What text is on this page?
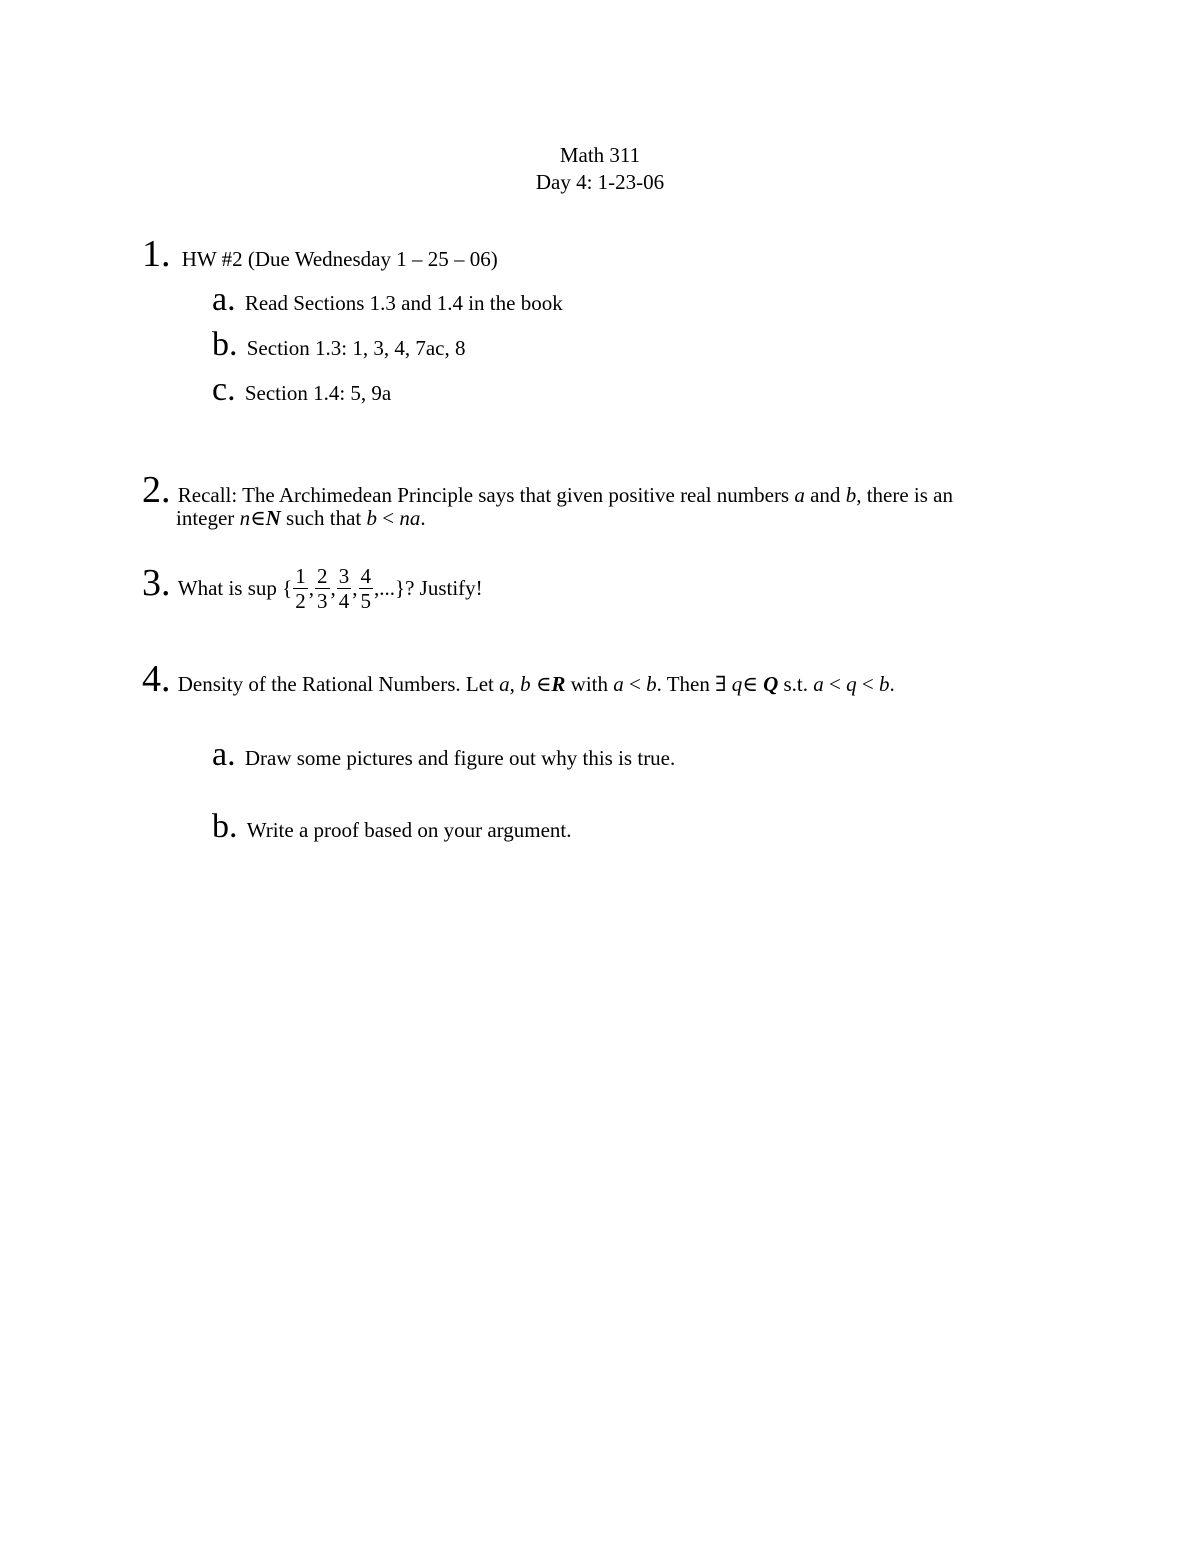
Math 311
Day 4: 1-23-06
1. HW #2 (Due Wednesday 1 – 25 – 06)
a. Read Sections 1.3 and 1.4 in the book
b. Section 1.3: 1, 3, 4, 7ac, 8
c. Section 1.4: 5, 9a
2. Recall: The Archimedean Principle says that given positive real numbers a and b, there is an
integer n∈N such that b < na.
3. What is sup { $\frac{1}{2}$ , $\frac{2}{3}$ , $\frac{3}{4}$ , $\frac{4}{5}$ ,...}? Justify!
4. Density of the Rational Numbers. Let a, b ∈R with a < b. Then ∃ q∈ Q s.t. a < q < b.
a. Draw some pictures and figure out why this is true.
b. Write a proof based on your argument.
